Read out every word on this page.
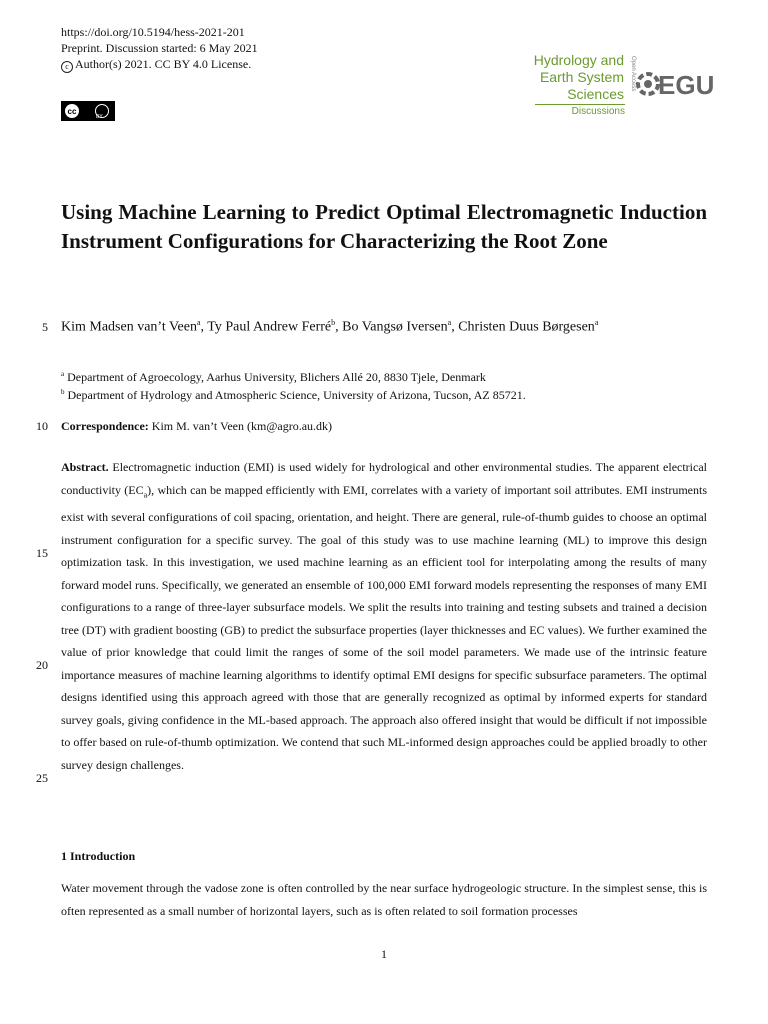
https://doi.org/10.5194/hess-2021-201
Preprint. Discussion started: 6 May 2021
c Author(s) 2021. CC BY 4.0 License.
cc
BY
Hydrology and
Earth System
Sciences
Discussions
Open Access EGU
Using Machine Learning to Predict Optimal Electromagnetic Induction Instrument Configurations for Characterizing the Root Zone
5
10
15
20
25
Kim Madsen van’t Veen$^a$, Ty Paul Andrew Ferré$^b$, Bo Vangsø Iversen$^a$, Christen Duus Børgesen$^a$
$^a$ Department of Agroecology, Aarhus University, Blichers Allé 20, 8830 Tjele, Denmark
$^b$ Department of Hydrology and Atmospheric Science, University of Arizona, Tucson, AZ 85721.
Correspondence: Kim M. van’t Veen (km@agro.au.dk)

Abstract. Electromagnetic induction (EMI) is used widely for hydrological and other environmental studies. The apparent electrical conductivity $(EC_a)$, which can be mapped efficiently with EMI, correlates with a variety of important soil attributes. EMI instruments exist with several configurations of coil spacing, orientation, and height. There are general, rule-of-thumb guides to choose an optimal instrument configuration for a specific survey. The goal of this study was to use machine learning (ML) to improve this design optimization task. In this investigation, we used machine learning as an efficient tool for interpolating among the results of many forward model runs. Specifically, we generated an ensemble of 100,000 EMI forward models representing the responses of many EMI configurations to a range of three-layer subsurface models. We split the results into training and testing subsets and trained a decision tree (DT) with gradient boosting (GB) to predict the subsurface properties (layer thicknesses and EC values). We further examined the value of prior knowledge that could limit the ranges of some of the soil model parameters. We made use of the intrinsic feature importance measures of machine learning algorithms to identify optimal EMI designs for specific subsurface parameters. The optimal designs identified using this approach agreed with those that are generally recognized as optimal by informed experts for standard survey goals, giving confidence in the ML-based approach. The approach also offered insight that would be difficult if not impossible to offer based on rule-of-thumb optimization. We contend that such ML-informed design approaches could be applied broadly to other survey design challenges.

1 Introduction

Water movement through the vadose zone is often controlled by the near surface hydrogeologic structure. In the simplest sense, this is often represented as a small number of horizontal layers, such as is often related to soil formation processes

1
